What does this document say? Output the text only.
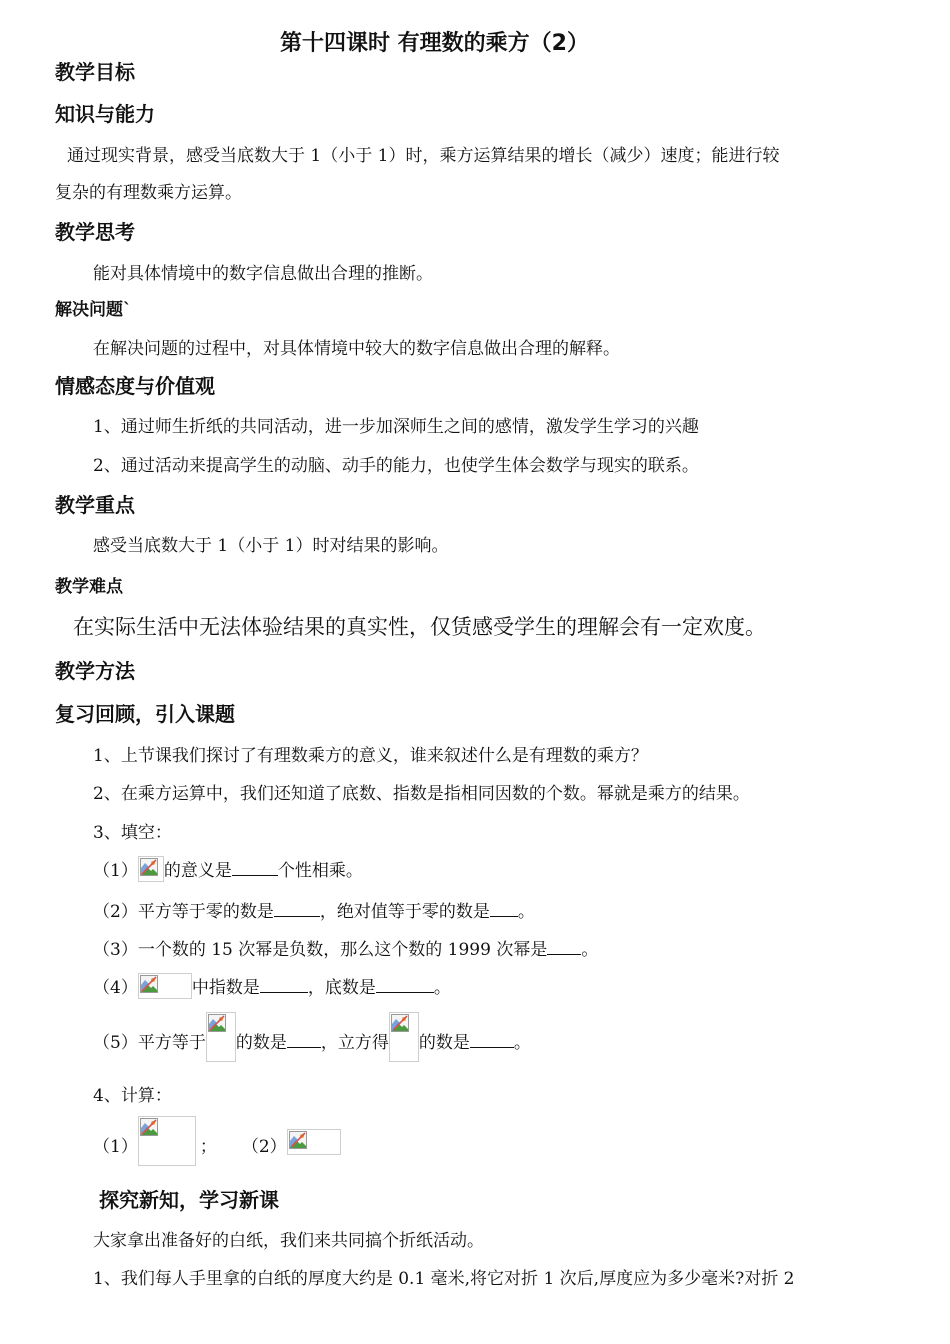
第十四课时 有理数的乘方（2）
教学目标
知识与能力
通过现实背景，感受当底数大于 1（小于 1）时，乘方运算结果的增长（减少）速度；能进行较
复杂的有理数乘方运算。
教学思考
能对具体情境中的数字信息做出合理的推断。
解决问题`
在解决问题的过程中，对具体情境中较大的数字信息做出合理的解释。
情感态度与价值观
1、通过师生折纸的共同活动，进一步加深师生之间的感情，激发学生学习的兴趣
2、通过活动来提高学生的动脑、动手的能力，也使学生体会数学与现实的联系。
教学重点
感受当底数大于 1（小于 1）时对结果的影响。
教学难点
在实际生活中无法体验结果的真实性，仅赁感受学生的理解会有一定欢度。
教学方法
复习回顾，引入课题
1、上节课我们探讨了有理数乘方的意义，谁来叙述什么是有理数的乘方？
2、在乘方运算中，我们还知道了底数、指数是指相同因数的个数。幂就是乘方的结果。
3、填空：
（1） 的意义是	个性相乘。
（2）平方等于零的数是	，绝对值等于零的数是 。
（3）一个数的 15 次幂是负数，那么这个数的 1999 次幂是 。
（4）	中指数是	，底数是	。
（5）平方等于 的数是 ，立方得 的数是	。
4、计算：
（1）	； （2）
探究新知，学习新课
大家拿出准备好的白纸，我们来共同搞个折纸活动。
1、我们每人手里拿的白纸的厚度大约是 0.1 毫米,将它对折 1 次后,厚度应为多少毫米?对折 2
